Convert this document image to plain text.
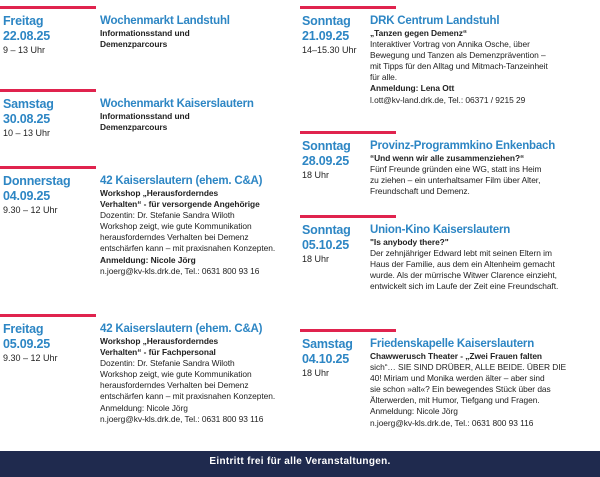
Freitag
22.08.25
9 – 13 Uhr
Wochenmarkt Landstuhl
Informationsstand und
Demenzparcours
Samstag
30.08.25
10 – 13 Uhr
Wochenmarkt Kaiserslautern
Informationsstand und
Demenzparcours
Donnerstag
04.09.25
9.30 – 12 Uhr
42 Kaiserslautern (ehem. C&A)
Workshop „Herausforderndes
Verhalten“ - für versorgende Angehörige
Dozentin: Dr. Stefanie Sandra Wiloth
Workshop zeigt, wie gute Kommunikation
herausforderndes Verhalten bei Demenz
entschärfen kann – mit praxisnahen Konzepten.
Anmeldung: Nicole Jörg
n.joerg@kv-kls.drk.de, Tel.: 0631 800 93 16
Freitag
05.09.25
9.30 – 12 Uhr
42 Kaiserslautern (ehem. C&A)
Workshop „Herausforderndes
Verhalten“ - für Fachpersonal
Dozentin: Dr. Stefanie Sandra Wiloth
Workshop zeigt, wie gute Kommunikation
herausforderndes Verhalten bei Demenz
entschärfen kann – mit praxisnahen Konzepten.
Anmeldung: Nicole Jörg
n.joerg@kv-kls.drk.de, Tel.: 0631 800 93 116
Sonntag
21.09.25
14–15.30 Uhr
DRK Centrum Landstuhl
„Tanzen gegen Demenz“
Interaktiver Vortrag von Annika Osche, über
Bewegung und Tanzen als Demenzprävention –
mit Tipps für den Alltag und Mitmach-Tanzeinheit
für alle.
Anmeldung: Lena Ott
l.ott@kv-land.drk.de, Tel.: 06371 / 9215 29
Sonntag
28.09.25
18 Uhr
Provinz-Programmkino Enkenbach
“Und wenn wir alle zusammenziehen?“
Fünf Freunde gründen eine WG, statt ins Heim
zu ziehen – ein unterhaltsamer Film über Alter,
Freundschaft und Demenz.
Sonntag
05.10.25
18 Uhr
Union-Kino Kaiserslautern
"Is anybody there?"
Der zehnjähriger Edward lebt mit seinen Eltern im
Haus der Familie, aus dem ein Altenheim gemacht
wurde. Als der mürrische Witwer Clarence einzieht,
entwickelt sich im Laufe der Zeit eine Freundschaft.
Samstag
04.10.25
18 Uhr
Friedenskapelle Kaiserslautern
Chawwerusch Theater - „Zwei Frauen falten
sich“… SIE SIND DRÜBER, ALLE BEIDE. ÜBER DIE
40! Miriam und Monika werden älter – aber sind
sie schon »alt«? Ein bewegendes Stück über das
Älterwerden, mit Humor, Tiefgang und Fragen.
Anmeldung: Nicole Jörg
n.joerg@kv-kls.drk.de, Tel.: 0631 800 93 116
Eintritt frei für alle Veranstaltungen.
